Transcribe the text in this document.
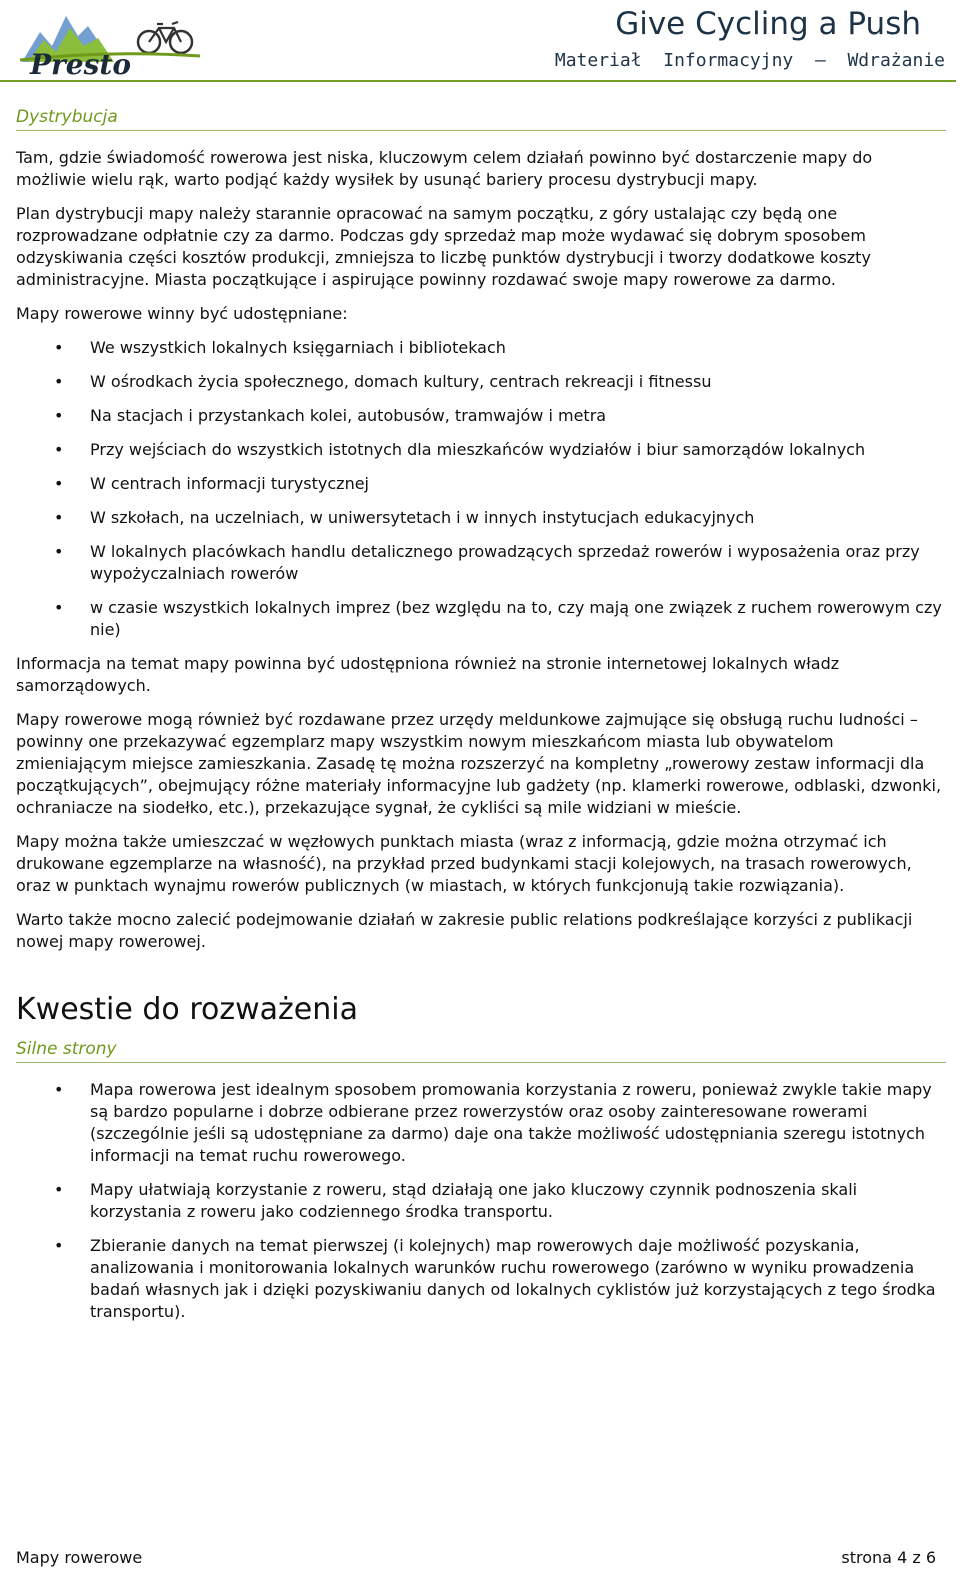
Presto
Give Cycling a Push
Materiał  Informacyjny  –  Wdrażanie
Dystrybucja

Tam, gdzie świadomość rowerowa jest niska, kluczowym celem działań powinno być dostarczenie mapy do możliwie wielu rąk, warto podjąć każdy wysiłek by usunąć bariery procesu dystrybucji mapy.

Plan dystrybucji mapy należy starannie opracować na samym początku, z góry ustalając czy będą one rozprowadzane odpłatnie czy za darmo. Podczas gdy sprzedaż map może wydawać się dobrym sposobem odzyskiwania części kosztów produkcji, zmniejsza to liczbę punktów dystrybucji i tworzy dodatkowe koszty administracyjne. Miasta początkujące i aspirujące powinny rozdawać swoje mapy rowerowe za darmo.

Mapy rowerowe winny być udostępniane:

• We wszystkich lokalnych księgarniach i bibliotekach
• W ośrodkach życia społecznego, domach kultury, centrach rekreacji i fitnessu
• Na stacjach i przystankach kolei, autobusów, tramwajów i metra
• Przy wejściach do wszystkich istotnych dla mieszkańców wydziałów i biur samorządów lokalnych
• W centrach informacji turystycznej
• W szkołach, na uczelniach, w uniwersytetach i w innych instytucjach edukacyjnych
• W lokalnych placówkach handlu detalicznego prowadzących sprzedaż rowerów i wyposażenia oraz przy wypożyczalniach rowerów
• w czasie wszystkich lokalnych imprez (bez względu na to, czy mają one związek z ruchem rowerowym czy nie)

Informacja na temat mapy powinna być udostępniona również na stronie internetowej lokalnych władz samorządowych.

Mapy rowerowe mogą również być rozdawane przez urzędy meldunkowe zajmujące się obsługą ruchu ludności – powinny one przekazywać egzemplarz mapy wszystkim nowym mieszkańcom miasta lub obywatelom zmieniającym miejsce zamieszkania. Zasadę tę można rozszerzyć na kompletny „rowerowy zestaw informacji dla początkujących”, obejmujący różne materiały informacyjne lub gadżety (np. klamerki rowerowe, odblaski, dzwonki, ochraniacze na siodełko, etc.), przekazujące sygnał, że cykliści są mile widziani w mieście.

Mapy można także umieszczać w węzłowych punktach miasta (wraz z informacją, gdzie można otrzymać ich drukowane egzemplarze na własność), na przykład przed budynkami stacji kolejowych, na trasach rowerowych, oraz w punktach wynajmu rowerów publicznych (w miastach, w których funkcjonują takie rozwiązania).

Warto także mocno zalecić podejmowanie działań w zakresie public relations podkreślające korzyści z publikacji nowej mapy rowerowej.

Kwestie do rozważenia
Silne strony
• Mapa rowerowa jest idealnym sposobem promowania korzystania z roweru, ponieważ zwykle takie mapy są bardzo popularne i dobrze odbierane przez rowerzystów oraz osoby zainteresowane rowerami (szczególnie jeśli są udostępniane za darmo) daje ona także możliwość udostępniania szeregu istotnych informacji na temat ruchu rowerowego.
• Mapy ułatwiają korzystanie z roweru, stąd działają one jako kluczowy czynnik podnoszenia skali korzystania z roweru jako codziennego środka transportu.
• Zbieranie danych na temat pierwszej (i kolejnych) map rowerowych daje możliwość pozyskania, analizowania i monitorowania lokalnych warunków ruchu rowerowego (zarówno w wyniku prowadzenia badań własnych jak i dzięki pozyskiwaniu danych od lokalnych cyklistów już korzystających z tego środka transportu).
Mapy rowerowe	strona 4 z 6
